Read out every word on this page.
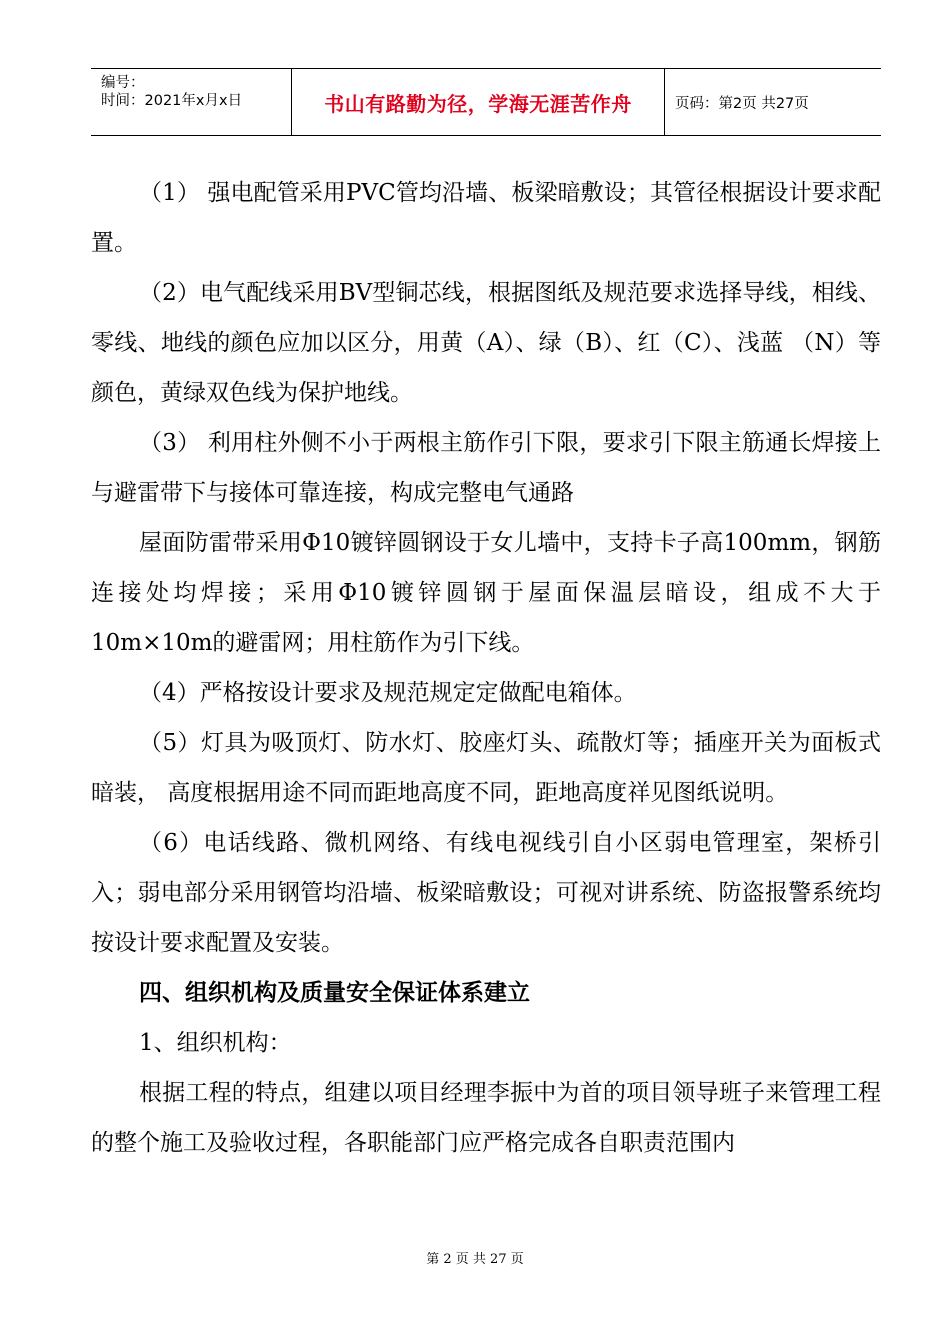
编号：
时间：2021年x月x日	书山有路勤为径，学海无涯苦作舟	页码：第2页 共27页

（1） 强电配管采用PVC管均沿墙、板梁暗敷设；其管径根据设计要求配置。

（2）电气配线采用BV型铜芯线，根据图纸及规范要求选择导线，相线、零线、地线的颜色应加以区分，用黄（A）、绿（B）、红（C）、浅蓝 （N）等颜色，黄绿双色线为保护地线。

（3） 利用柱外侧不小于两根主筋作引下限，要求引下限主筋通长焊接上与避雷带下与接体可靠连接，构成完整电气通路

屋面防雷带采用Φ10镀锌圆钢设于女儿墙中，支持卡子高100mm，钢筋连接处均焊接；采用Φ10镀锌圆钢于屋面保温层暗设，组成不大于10m×10m的避雷网；用柱筋作为引下线。

（4）严格按设计要求及规范规定定做配电箱体。

（5）灯具为吸顶灯、防水灯、胶座灯头、疏散灯等；插座开关为面板式暗装， 高度根据用途不同而距地高度不同，距地高度祥见图纸说明。

（6）电话线路、微机网络、有线电视线引自小区弱电管理室，架桥引入；弱电部分采用钢管均沿墙、板梁暗敷设；可视对讲系统、防盗报警系统均按设计要求配置及安装。

四、组织机构及质量安全保证体系建立

1、组织机构：

根据工程的特点，组建以项目经理李振中为首的项目领导班子来管理工程的整个施工及验收过程，各职能部门应严格完成各自职责范围内

第 2 页 共 27 页
